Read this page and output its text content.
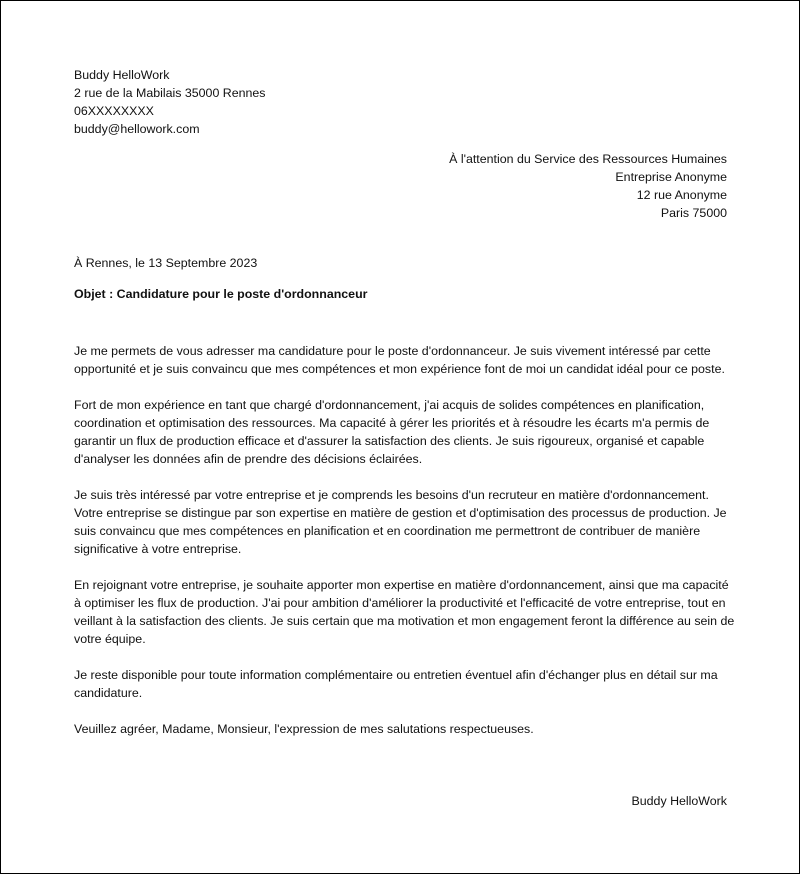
Buddy HelloWork
2 rue de la Mabilais 35000 Rennes
06XXXXXXXX
buddy@hellowork.com
À l'attention du Service des Ressources Humaines
Entreprise Anonyme
12 rue Anonyme
Paris 75000
À Rennes, le 13 Septembre 2023
Objet : Candidature pour le poste d'ordonnanceur

Je me permets de vous adresser ma candidature pour le poste d'ordonnanceur. Je suis vivement intéressé par cette opportunité et je suis convaincu que mes compétences et mon expérience font de moi un candidat idéal pour ce poste.

Fort de mon expérience en tant que chargé d'ordonnancement, j'ai acquis de solides compétences en planification, coordination et optimisation des ressources. Ma capacité à gérer les priorités et à résoudre les écarts m'a permis de garantir un flux de production efficace et d'assurer la satisfaction des clients. Je suis rigoureux, organisé et capable d'analyser les données afin de prendre des décisions éclairées.

Je suis très intéressé par votre entreprise et je comprends les besoins d'un recruteur en matière d'ordonnancement. Votre entreprise se distingue par son expertise en matière de gestion et d'optimisation des processus de production. Je suis convaincu que mes compétences en planification et en coordination me permettront de contribuer de manière significative à votre entreprise.

En rejoignant votre entreprise, je souhaite apporter mon expertise en matière d'ordonnancement, ainsi que ma capacité à optimiser les flux de production. J'ai pour ambition d'améliorer la productivité et l'efficacité de votre entreprise, tout en veillant à la satisfaction des clients. Je suis certain que ma motivation et mon engagement feront la différence au sein de votre équipe.

Je reste disponible pour toute information complémentaire ou entretien éventuel afin d'échanger plus en détail sur ma candidature.

Veuillez agréer, Madame, Monsieur, l'expression de mes salutations respectueuses.

Buddy HelloWork
